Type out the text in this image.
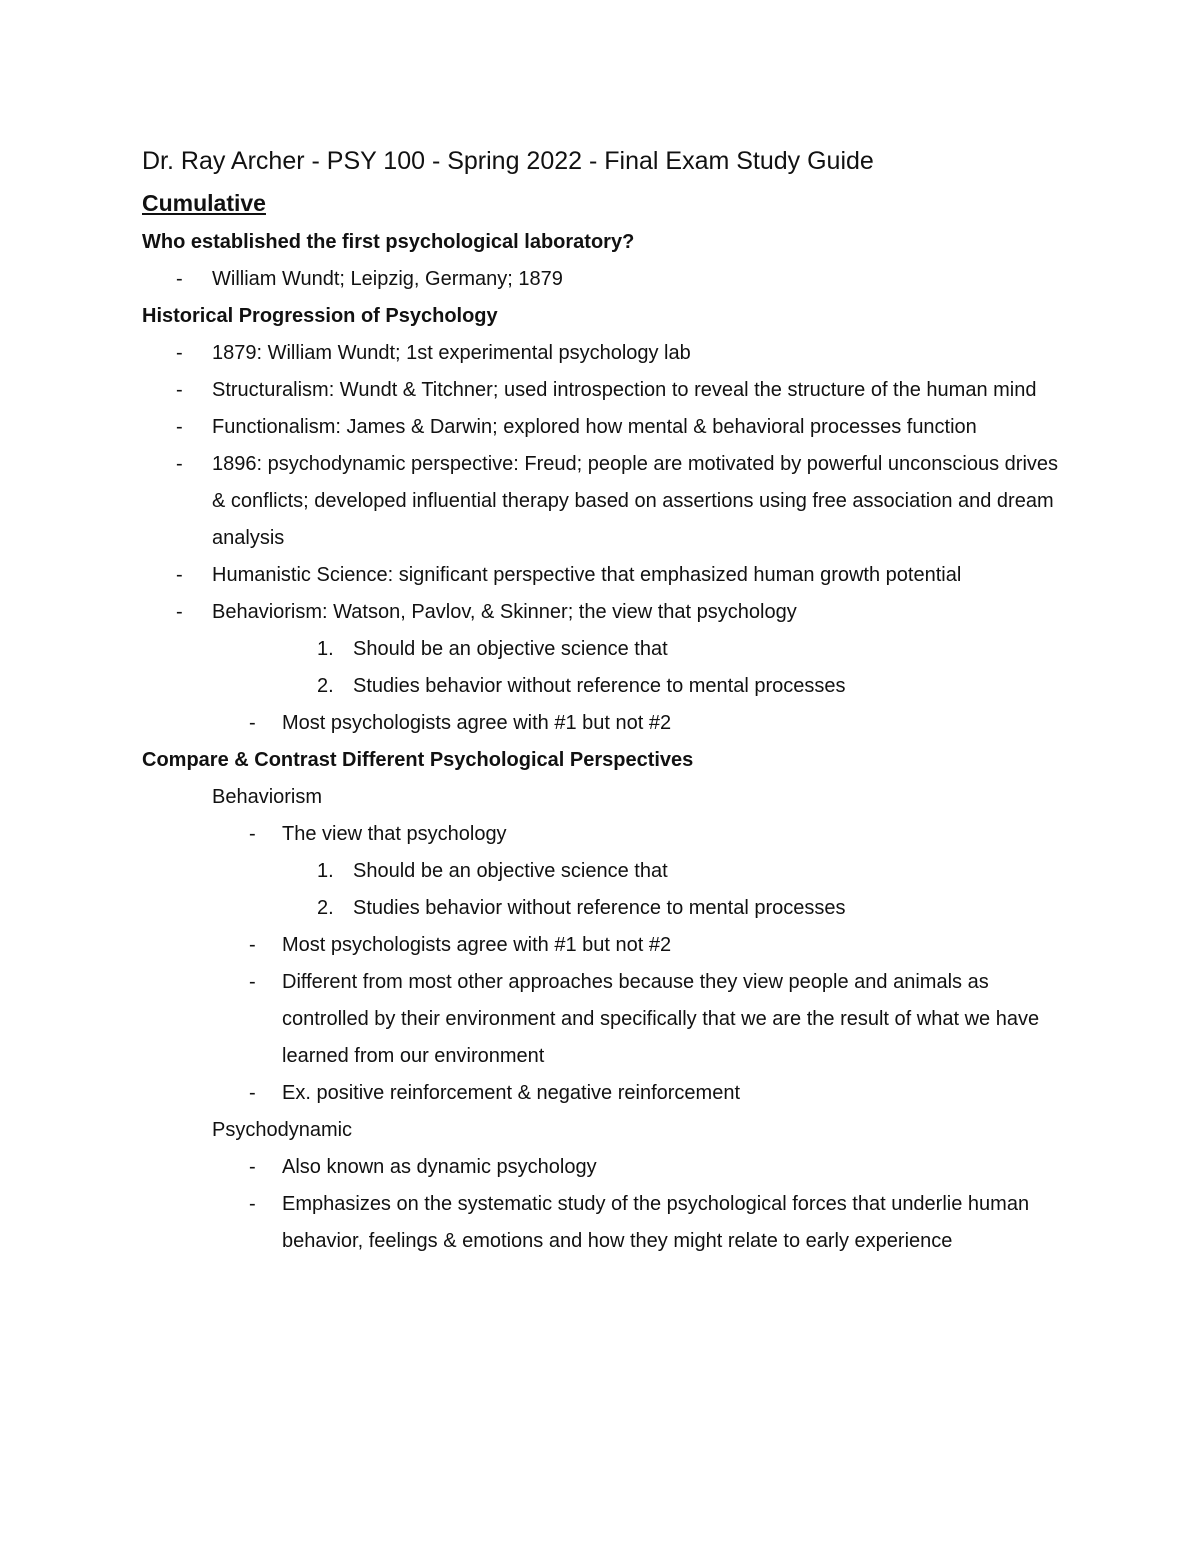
Dr. Ray Archer - PSY 100 - Spring 2022 - Final Exam Study Guide
Cumulative
Who established the first psychological laboratory?
- William Wundt; Leipzig, Germany; 1879
Historical Progression of Psychology
- 1879: William Wundt; 1st experimental psychology lab
- Structuralism: Wundt & Titchner; used introspection to reveal the structure of the human mind
- Functionalism: James & Darwin; explored how mental & behavioral processes function
- 1896: psychodynamic perspective: Freud; people are motivated by powerful unconscious drives & conflicts; developed influential therapy based on assertions using free association and dream analysis
- Humanistic Science: significant perspective that emphasized human growth potential
- Behaviorism: Watson, Pavlov, & Skinner; the view that psychology
1. Should be an objective science that
2. Studies behavior without reference to mental processes
- Most psychologists agree with #1 but not #2
Compare & Contrast Different Psychological Perspectives
Behaviorism
- The view that psychology
1. Should be an objective science that
2. Studies behavior without reference to mental processes
- Most psychologists agree with #1 but not #2
- Different from most other approaches because they view people and animals as controlled by their environment and specifically that we are the result of what we have learned from our environment
- Ex. positive reinforcement & negative reinforcement
Psychodynamic
- Also known as dynamic psychology
- Emphasizes on the systematic study of the psychological forces that underlie human behavior, feelings & emotions and how they might relate to early experience
